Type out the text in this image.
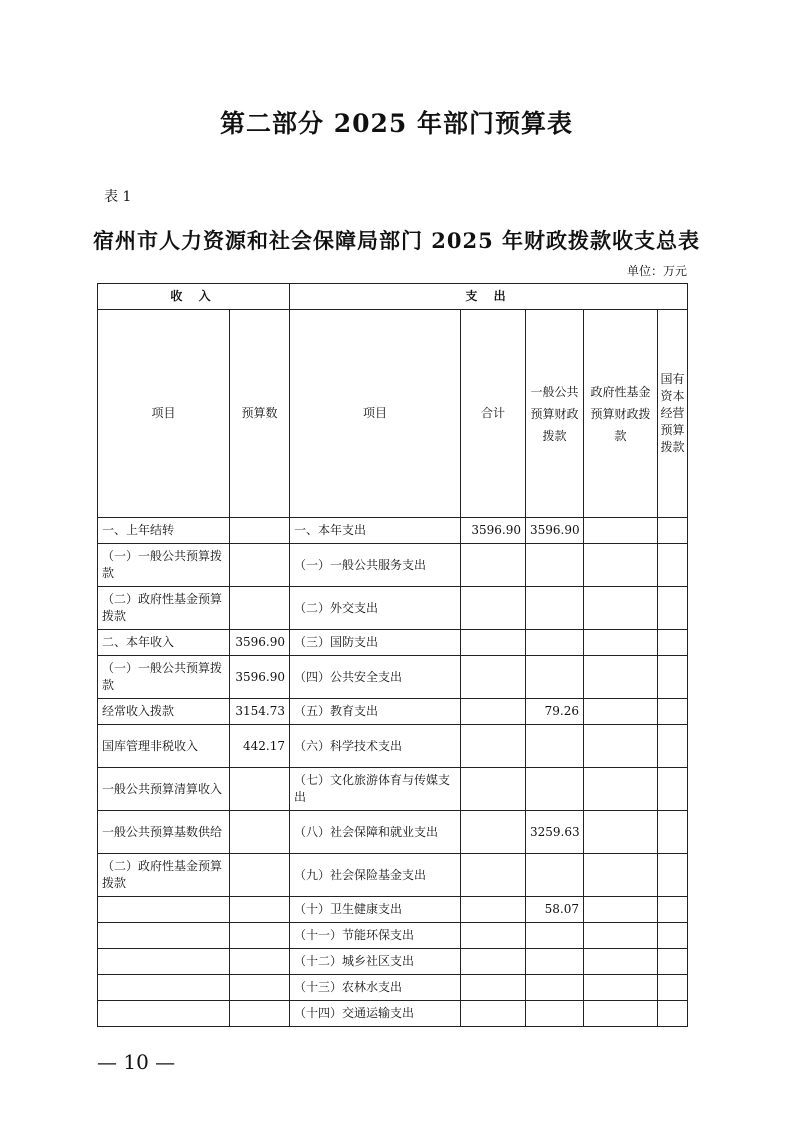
第二部分 2025 年部门预算表
表 1
宿州市人力资源和社会保障局部门 2025 年财政拨款收支总表
单位：万元
收 入		支 出				
项目	预算数	项目	合计	一般公共预算财政拨款	政府性基金预算财政拨款	国有资本经营预算拨款
一、上年结转		一、本年支出	3596.90	3596.90		
（一）一般公共预算拨款		（一）一般公共服务支出				
（二）政府性基金预算拨款		（二）外交支出				
二、本年收入	3596.90	（三）国防支出				
（一）一般公共预算拨款	3596.90	（四）公共安全支出				
经常收入拨款	3154.73	（五）教育支出		79.26		
国库管理非税收入	442.17	（六）科学技术支出				
一般公共预算清算收入		（七）文化旅游体育与传媒支出				
一般公共预算基数供给		（八）社会保障和就业支出		3259.63		
（二）政府性基金预算拨款		（九）社会保险基金支出				
		（十）卫生健康支出		58.07		
		（十一）节能环保支出				
		（十二）城乡社区支出				
		（十三）农林水支出				
		（十四）交通运输支出				
— 10 —
